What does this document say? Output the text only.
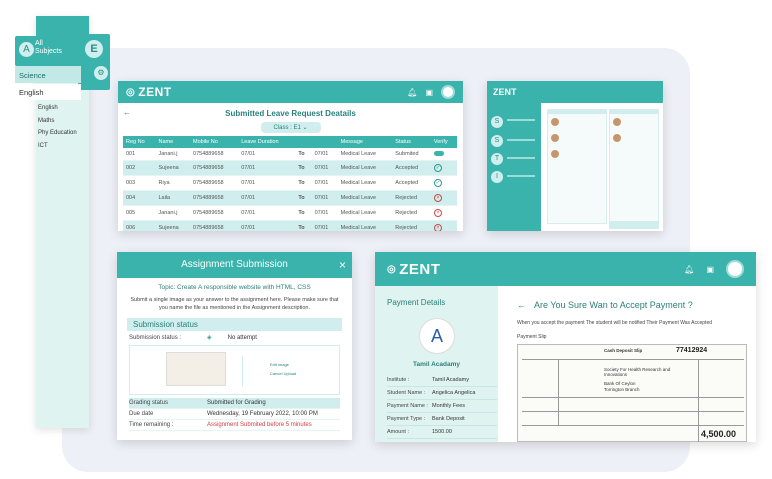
E
⚙
A
All Subjects
Science
English
English
Maths
Phy Education
ICT
◎ ZENT	🔔︎ ▣
←	Submitted Leave Request Deatails
Class : E1 ⌄
Reg No	Name	Mobile No	Leave Duration			Message	Status	Verify
001	Janani.j	0754889658	07/01	To	07/01	Medical Leave	Submited	
002	Sujeena	0754889658	07/01	To	07/01	Medical Leave	Accepted	✓
003	Riya	0754889658	07/01	To	07/01	Medical Leave	Accepted	✓
004	Laila	0754889658	07/01	To	07/01	Medical Leave	Rejected	×
005	Janani.j	0754889658	07/01	To	07/01	Medical Leave	Rejected	×
006	Sujeena	0754889658	07/01	To	07/01	Medical Leave	Rejected	×
ZENT
S
S
T
I
Assignment Submission	×
Topic: Create A responsible website with HTML, CSS
Submit a single image as your answer to the assignment here. Please make sure that you name the file as mentioned in the Assignment description.
Submission status
Submission status :	◈	No attempt
Edit image
Cancel Upload
Grading status	Submitted for Grading
Due date	Wednesday, 19 February 2022, 10:00 PM
Time remaining :	Assignment Submited before 5 minutes
◎ ZENT	🔔︎ ▣
Payment Details
A
Tamil Acadamy
Institute :	Tamil Acadamy
Student Name :	Angelica Angelica
Payment Name : Monthly Fees
Payment Type :	Bank Deposit
Amount :	1500.00
← Are You Sure Wan to Accept Payment ?
When you accept the payment The student will be notified Their Payment Was Accepted
Payment Slip
Cash Deposit Slip	77412924
Society For Health Research and Innovations
Bank Of Ceylon
Torrington Branch
4,500.00
